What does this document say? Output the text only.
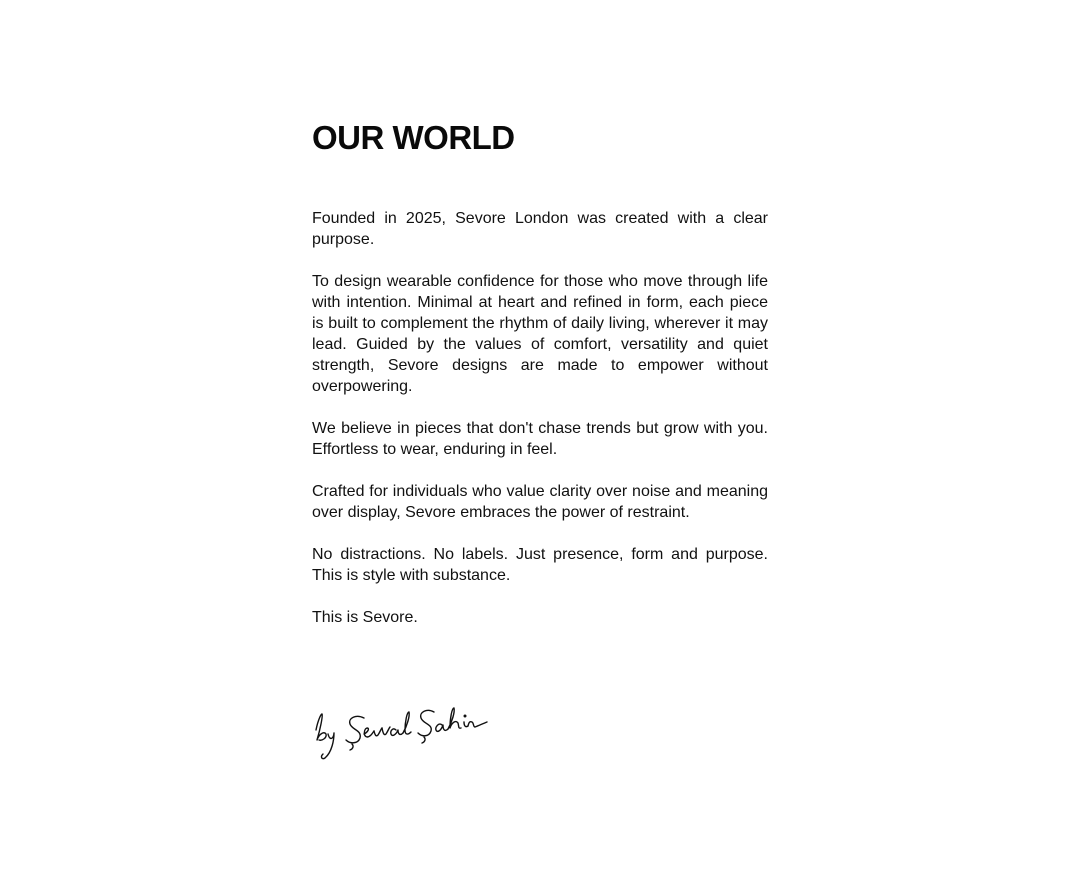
OUR WORLD

Founded in 2025, Sevore London was created with a clear purpose.

To design wearable confidence for those who move through life with intention. Minimal at heart and refined in form, each piece is built to complement the rhythm of daily living, wherever it may lead. Guided by the values of comfort, versatility and quiet strength, Sevore designs are made to empower without overpowering.

We believe in pieces that don't chase trends but grow with you. Effortless to wear, enduring in feel.

Crafted for individuals who value clarity over noise and meaning over display, Sevore embraces the power of restraint.

No distractions. No labels. Just presence, form and purpose. This is style with substance.

This is Sevore.
